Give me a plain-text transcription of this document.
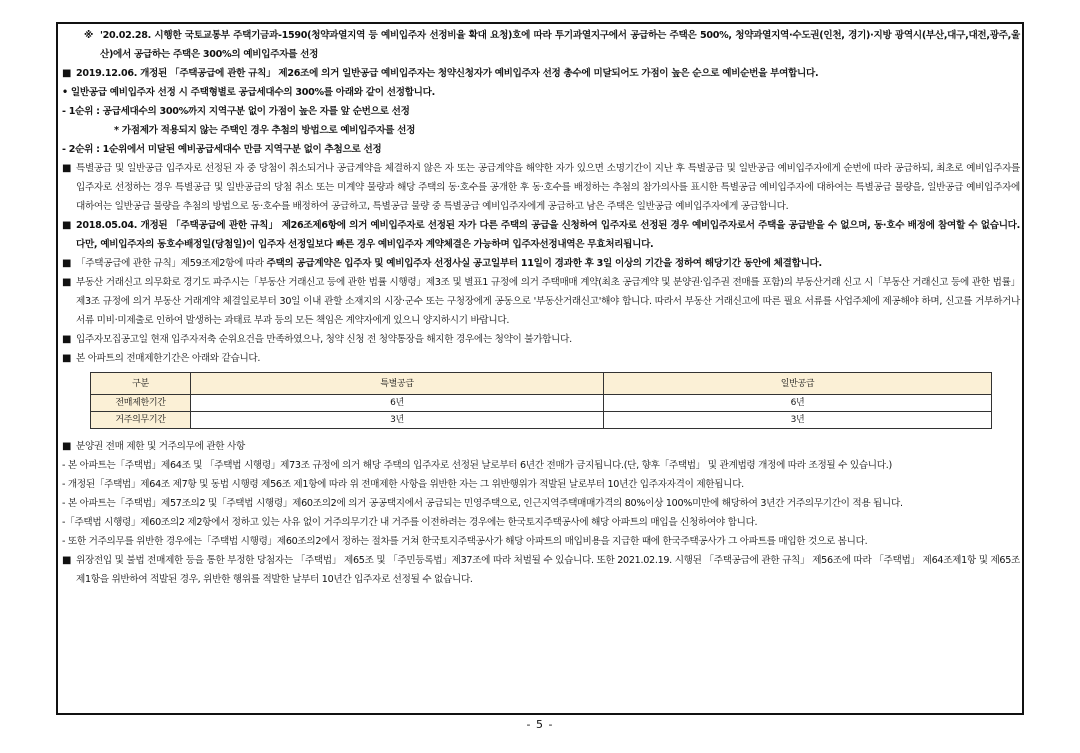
※ '20.02.28. 시행한 국토교통부 주택기금과-1590(청약과열지역 등 예비입주자 선정비율 확대 요청)호에 따라 투기과열지구에서 공급하는 주택은 500%, 청약과열지역·수도권(인천, 경기)·지방 광역시(부산,대구,대전,광주,울산)에서 공급하는 주택은 300%의 예비입주자를 선정

■ 2019.12.06. 개정된 「주택공급에 관한 규칙」 제26조에 의거 일반공급 예비입주자는 청약신청자가 예비입주자 선정 총수에 미달되어도 가점이 높은 순으로 예비순번을 부여합니다.

• 일반공급 예비입주자 선정 시 주택형별로 공급세대수의 300%를 아래와 같이 선정합니다.

- 1순위 : 공급세대수의 300%까지 지역구분 없이 가점이 높은 자를 앞 순번으로 선정

* 가점제가 적용되지 않는 주택인 경우 추첨의 방법으로 예비입주자를 선정

- 2순위 : 1순위에서 미달된 예비공급세대수 만큼 지역구분 없이 추첨으로 선정

■ 특별공급 및 일반공급 입주자로 선정된 자 중 당첨이 취소되거나 공급계약을 체결하지 않은 자 또는 공급계약을 해약한 자가 있으면 소명기간이 지난 후 특별공급 및 일반공급 예비입주자에게 순번에 따라 공급하되, 최초로 예비입주자를 입주자로 선정하는 경우 특별공급 및 일반공급의 당첨 취소 또는 미계약 물량과 해당 주택의 동·호수를 공개한 후 동·호수를 배정하는 추첨의 참가의사를 표시한 특별공급 예비입주자에 대하여는 특별공급 물량을, 일반공급 예비입주자에 대하여는 일반공급 물량을 추첨의 방법으로 동·호수를 배정하여 공급하고, 특별공급 물량 중 특별공급 예비입주자에게 공급하고 남은 주택은 일반공급 예비입주자에게 공급합니다.

■ 2018.05.04. 개정된 「주택공급에 관한 규칙」 제26조제6항에 의거 예비입주자로 선정된 자가 다른 주택의 공급을 신청하여 입주자로 선정된 경우 예비입주자로서 주택을 공급받을 수 없으며, 동·호수 배정에 참여할 수 없습니다. 다만, 예비입주자의 동호수배정일(당첨일)이 입주자 선정일보다 빠른 경우 예비입주자 계약체결은 가능하며 입주자선정내역은 무효처리됩니다.

■ 「주택공급에 관한 규칙」제59조제2항에 따라 주택의 공급계약은 입주자 및 예비입주자 선정사실 공고일부터 11일이 경과한 후 3일 이상의 기간을 정하여 해당기간 동안에 체결합니다.

■ 부동산 거래신고 의무화로 경기도 파주시는「부동산 거래신고 등에 관한 법률 시행령」제3조 및 별표1 규정에 의거 주택매매 계약(최초 공급계약 및 분양권·입주권 전매를 포함)의 부동산거래 신고 시「부동산 거래신고 등에 관한 법률」제3조 규정에 의거 부동산 거래계약 체결일로부터 30일 이내 관할 소재지의 시장·군수 또는 구청장에게 공동으로 '부동산거래신고'해야 합니다. 따라서 부동산 거래신고에 따른 필요 서류를 사업주체에 제공해야 하며, 신고를 거부하거나 서류 미비·미제출로 인하여 발생하는 과태료 부과 등의 모든 책임은 계약자에게 있으니 양지하시기 바랍니다.

■ 입주자모집공고일 현재 입주자저축 순위요건을 만족하였으나, 청약 신청 전 청약통장을 해지한 경우에는 청약이 불가합니다.

■ 본 아파트의 전매제한기간은 아래와 같습니다.

구분	특별공급	일반공급
전매제한기간	6년	6년
거주의무기간	3년	3년

■ 분양권 전매 제한 및 거주의무에 관한 사항

- 본 아파트는「주택법」제64조 및 「주택법 시행령」제73조 규정에 의거 해당 주택의 입주자로 선정된 날로부터 6년간 전매가 금지됩니다.(단, 향후「주택법」 및 관계법령 개정에 따라 조정될 수 있습니다.)

- 개정된「주택법」제64조 제7항 및 동법 시행령 제56조 제1항에 따라 위 전매제한 사항을 위반한 자는 그 위반행위가 적발된 날로부터 10년간 입주자자격이 제한됩니다.

- 본 아파트는「주택법」제57조의2 및「주택법 시행령」제60조의2에 의거 공공택지에서 공급되는 민영주택으로, 인근지역주택매매가격의 80%이상 100%미만에 해당하여 3년간 거주의무기간이 적용 됩니다.

-「주택법 시행령」제60조의2 제2항에서 정하고 있는 사유 없이 거주의무기간 내 거주를 이전하려는 경우에는 한국토지주택공사에 해당 아파트의 매입을 신청하여야 합니다.

- 또한 거주의무를 위반한 경우에는「주택법 시행령」제60조의2에서 정하는 절차를 거쳐 한국토지주택공사가 해당 아파트의 매입비용을 지급한 때에 한국주택공사가 그 아파트를 매입한 것으로 봅니다.

■ 위장전입 및 불법 전매제한 등을 통한 부정한 당첨자는 「주택법」 제65조 및 「주민등록법」제37조에 따라 처벌될 수 있습니다. 또한 2021.02.19. 시행된 「주택공급에 관한 규칙」 제56조에 따라 「주택법」 제64조제1항 및 제65조제1항을 위반하여 적발된 경우, 위반한 행위를 적발한 날부터 10년간 입주자로 선정될 수 없습니다.

- 5 -
